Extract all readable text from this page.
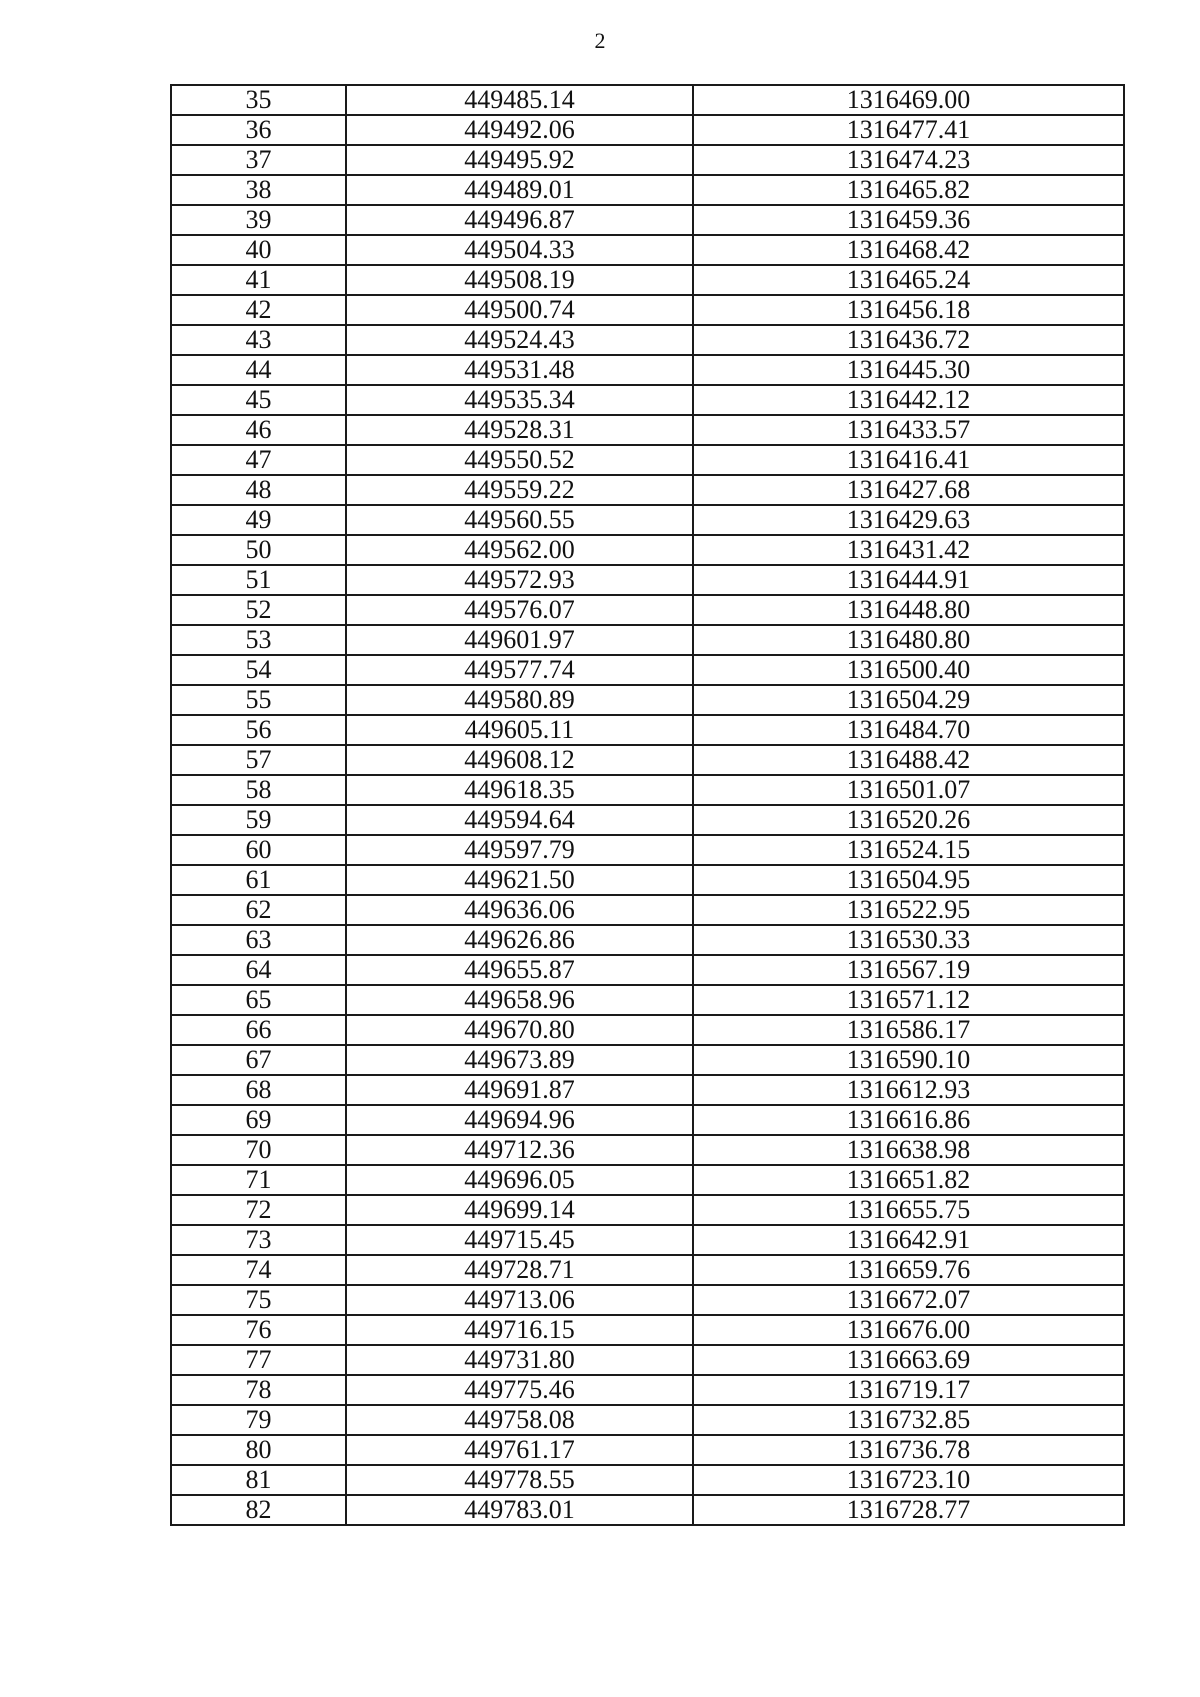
2
35	449485.14	1316469.00
36	449492.06	1316477.41
37	449495.92	1316474.23
38	449489.01	1316465.82
39	449496.87	1316459.36
40	449504.33	1316468.42
41	449508.19	1316465.24
42	449500.74	1316456.18
43	449524.43	1316436.72
44	449531.48	1316445.30
45	449535.34	1316442.12
46	449528.31	1316433.57
47	449550.52	1316416.41
48	449559.22	1316427.68
49	449560.55	1316429.63
50	449562.00	1316431.42
51	449572.93	1316444.91
52	449576.07	1316448.80
53	449601.97	1316480.80
54	449577.74	1316500.40
55	449580.89	1316504.29
56	449605.11	1316484.70
57	449608.12	1316488.42
58	449618.35	1316501.07
59	449594.64	1316520.26
60	449597.79	1316524.15
61	449621.50	1316504.95
62	449636.06	1316522.95
63	449626.86	1316530.33
64	449655.87	1316567.19
65	449658.96	1316571.12
66	449670.80	1316586.17
67	449673.89	1316590.10
68	449691.87	1316612.93
69	449694.96	1316616.86
70	449712.36	1316638.98
71	449696.05	1316651.82
72	449699.14	1316655.75
73	449715.45	1316642.91
74	449728.71	1316659.76
75	449713.06	1316672.07
76	449716.15	1316676.00
77	449731.80	1316663.69
78	449775.46	1316719.17
79	449758.08	1316732.85
80	449761.17	1316736.78
81	449778.55	1316723.10
82	449783.01	1316728.77
